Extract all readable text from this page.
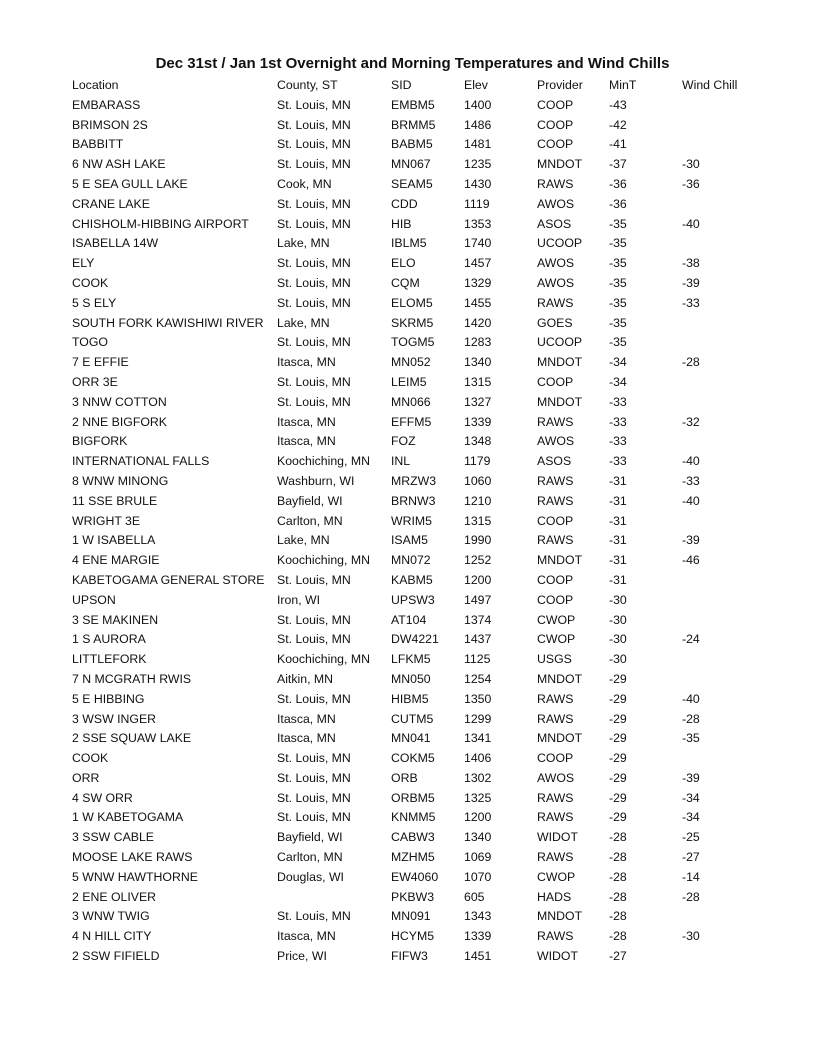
Dec 31st / Jan 1st Overnight and Morning Temperatures and Wind Chills
Location	County, ST	SID	Elev	Provider	MinT	Wind Chill
EMBARASS	St. Louis, MN	EMBM5	1400	COOP	-43	
BRIMSON 2S	St. Louis, MN	BRMM5	1486	COOP	-42	
BABBITT	St. Louis, MN	BABM5	1481	COOP	-41	
6 NW ASH LAKE	St. Louis, MN	MN067	1235	MNDOT	-37	-30
5 E SEA GULL LAKE	Cook, MN	SEAM5	1430	RAWS	-36	-36
CRANE LAKE	St. Louis, MN	CDD	1119	AWOS	-36	
CHISHOLM-HIBBING AIRPORT	St. Louis, MN	HIB	1353	ASOS	-35	-40
ISABELLA 14W	Lake, MN	IBLM5	1740	UCOOP	-35	
ELY	St. Louis, MN	ELO	1457	AWOS	-35	-38
COOK	St. Louis, MN	CQM	1329	AWOS	-35	-39
5 S ELY	St. Louis, MN	ELOM5	1455	RAWS	-35	-33
SOUTH FORK KAWISHIWI RIVER	Lake, MN	SKRM5	1420	GOES	-35	
TOGO	St. Louis, MN	TOGM5	1283	UCOOP	-35	
7 E EFFIE	Itasca, MN	MN052	1340	MNDOT	-34	-28
ORR 3E	St. Louis, MN	LEIM5	1315	COOP	-34	
3 NNW COTTON	St. Louis, MN	MN066	1327	MNDOT	-33	
2 NNE BIGFORK	Itasca, MN	EFFM5	1339	RAWS	-33	-32
BIGFORK	Itasca, MN	FOZ	1348	AWOS	-33	
INTERNATIONAL FALLS	Koochiching, MN	INL	1179	ASOS	-33	-40
8 WNW MINONG	Washburn, WI	MRZW3	1060	RAWS	-31	-33
11 SSE BRULE	Bayfield, WI	BRNW3	1210	RAWS	-31	-40
WRIGHT 3E	Carlton, MN	WRIM5	1315	COOP	-31	
1 W ISABELLA	Lake, MN	ISAM5	1990	RAWS	-31	-39
4 ENE MARGIE	Koochiching, MN	MN072	1252	MNDOT	-31	-46
KABETOGAMA GENERAL STORE	St. Louis, MN	KABM5	1200	COOP	-31	
UPSON	Iron, WI	UPSW3	1497	COOP	-30	
3 SE MAKINEN	St. Louis, MN	AT104	1374	CWOP	-30	
1 S AURORA	St. Louis, MN	DW4221	1437	CWOP	-30	-24
LITTLEFORK	Koochiching, MN	LFKM5	1125	USGS	-30	
7 N MCGRATH RWIS	Aitkin, MN	MN050	1254	MNDOT	-29	
5 E HIBBING	St. Louis, MN	HIBM5	1350	RAWS	-29	-40
3 WSW INGER	Itasca, MN	CUTM5	1299	RAWS	-29	-28
2 SSE SQUAW LAKE	Itasca, MN	MN041	1341	MNDOT	-29	-35
COOK	St. Louis, MN	COKM5	1406	COOP	-29	
ORR	St. Louis, MN	ORB	1302	AWOS	-29	-39
4 SW ORR	St. Louis, MN	ORBM5	1325	RAWS	-29	-34
1 W KABETOGAMA	St. Louis, MN	KNMM5	1200	RAWS	-29	-34
3 SSW CABLE	Bayfield, WI	CABW3	1340	WIDOT	-28	-25
MOOSE LAKE RAWS	Carlton, MN	MZHM5	1069	RAWS	-28	-27
5 WNW HAWTHORNE	Douglas, WI	EW4060	1070	CWOP	-28	-14
2 ENE OLIVER		PKBW3	605	HADS	-28	-28
3 WNW TWIG	St. Louis, MN	MN091	1343	MNDOT	-28	
4 N HILL CITY	Itasca, MN	HCYM5	1339	RAWS	-28	-30
2 SSW FIFIELD	Price, WI	FIFW3	1451	WIDOT	-27	
